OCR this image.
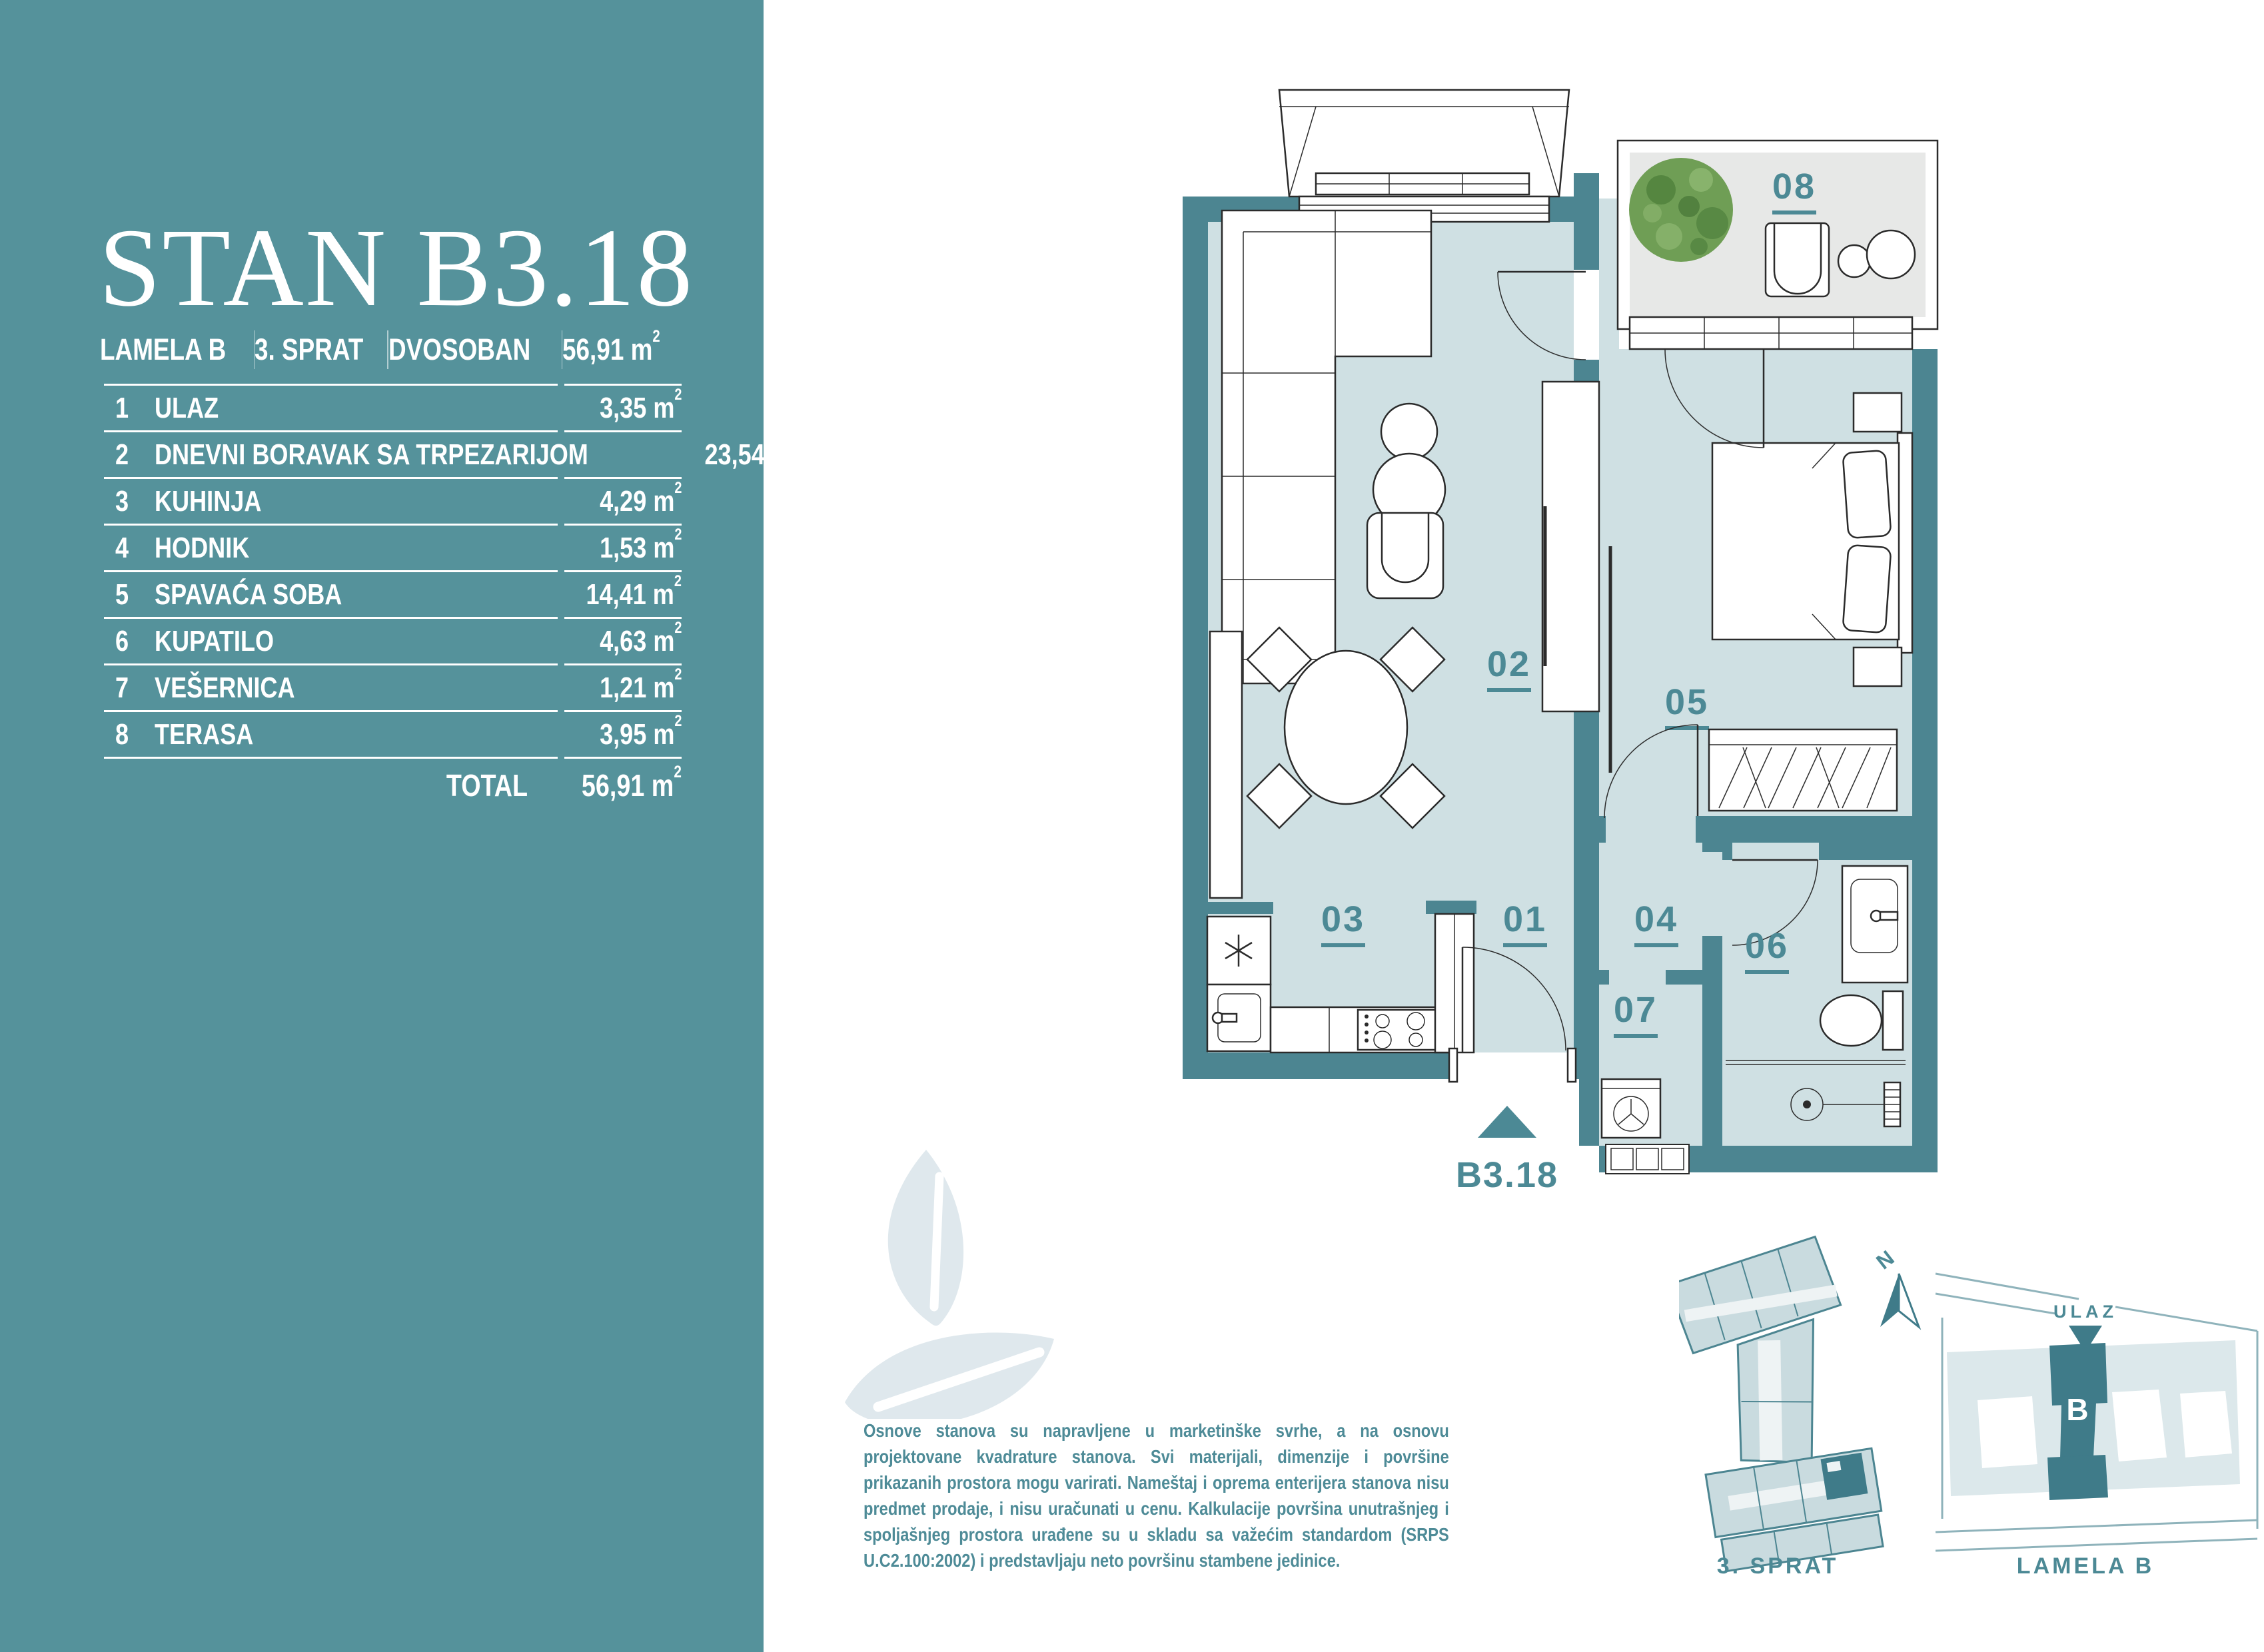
STAN B3.18
LAMELA B 3. SPRAT DVOSOBAN 56,91 $m^2$
1 ULAZ	3,35 $m^2$
2 DNEVNI BORAVAK SA TRPEZARIJOM	23,54 $m^2$
3 KUHINJA	4,29 $m^2$
4 HODNIK	1,53 $m^2$
5 SPAVAĆA SOBA	14,41 $m^2$
6 KUPATILO	4,63 $m^2$
7 VEŠERNICA	1,21 $m^2$
8 TERASA	3,95 $m^2$
TOTAL 56,91 $m^2$
08
02
05
03	01 04
07
06
B3.18

Osnove stanova su napravljene u marketinške svrhe, a na osnovu projektovane kvadrature stanova. Svi materijali, dimenzije i površine prikazanih prostora mogu varirati. Nameštaj i oprema enterijera stanova nisu predmet prodaje, i nisu uračunati u cenu. Kalkulacije površina unutrašnjeg i spoljašnjeg prostora urađene su u skladu sa važećim standardom (SRPS U.C2.100:2002) i predstavljaju neto površinu stambene jedinice.	3. SPRAT
N
B
ULAZ
LAMELA B
